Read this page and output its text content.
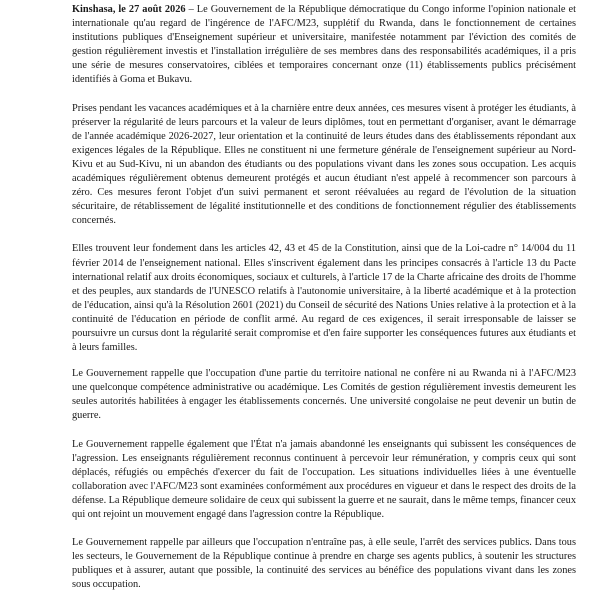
Kinshasa, le 27 août 2026 – Le Gouvernement de la République démocratique du Congo informe l'opinion nationale et internationale qu'au regard de l'ingérence de l'AFC/M23, supplétif du Rwanda, dans le fonctionnement de certaines institutions publiques d'Enseignement supérieur et universitaire, manifestée notamment par l'éviction des comités de gestion régulièrement investis et l'installation irrégulière de ses membres dans des responsabilités académiques, il a pris une série de mesures conservatoires, ciblées et temporaires concernant onze (11) établissements publics précisément identifiés à Goma et Bukavu.

Prises pendant les vacances académiques et à la charnière entre deux années, ces mesures visent à protéger les étudiants, à préserver la régularité de leurs parcours et la valeur de leurs diplômes, tout en permettant d'organiser, avant le démarrage de l'année académique 2026-2027, leur orientation et la continuité de leurs études dans des établissements répondant aux exigences légales de la République. Elles ne constituent ni une fermeture générale de l'enseignement supérieur au Nord-Kivu et au Sud-Kivu, ni un abandon des étudiants ou des populations vivant dans les zones sous occupation. Les acquis académiques régulièrement obtenus demeurent protégés et aucun étudiant n'est appelé à recommencer son parcours à zéro. Ces mesures feront l'objet d'un suivi permanent et seront réévaluées au regard de l'évolution de la situation sécuritaire, de rétablissement de légalité institutionnelle et des conditions de fonctionnement régulier des établissements concernés.

Elles trouvent leur fondement dans les articles 42, 43 et 45 de la Constitution, ainsi que de la Loi-cadre n° 14/004 du 11 février 2014 de l'enseignement national. Elles s'inscrivent également dans les principes consacrés à l'article 13 du Pacte international relatif aux droits économiques, sociaux et culturels, à l'article 17 de la Charte africaine des droits de l'homme et des peuples, aux standards de l'UNESCO relatifs à l'autonomie universitaire, à la liberté académique et à la protection de l'éducation, ainsi qu'à la Résolution 2601 (2021) du Conseil de sécurité des Nations Unies relative à la protection et à la continuité de l'éducation en période de conflit armé. Au regard de ces exigences, il serait irresponsable de laisser se poursuivre un cursus dont la régularité serait compromise et d'en faire supporter les conséquences futures aux étudiants et à leurs familles.

Le Gouvernement rappelle que l'occupation d'une partie du territoire national ne confère ni au Rwanda ni à l'AFC/M23 une quelconque compétence administrative ou académique. Les Comités de gestion régulièrement investis demeurent les seules autorités habilitées à engager les établissements concernés. Une université congolaise ne peut devenir un butin de guerre.

Le Gouvernement rappelle également que l'État n'a jamais abandonné les enseignants qui subissent les conséquences de l'agression. Les enseignants régulièrement reconnus continuent à percevoir leur rémunération, y compris ceux qui sont déplacés, réfugiés ou empêchés d'exercer du fait de l'occupation. Les situations individuelles liées à une éventuelle collaboration avec l'AFC/M23 sont examinées conformément aux procédures en vigueur et dans le respect des droits de la défense. La République demeure solidaire de ceux qui subissent la guerre et ne saurait, dans le même temps, financer ceux qui ont rejoint un mouvement engagé dans l'agression contre la République.

Le Gouvernement rappelle par ailleurs que l'occupation n'entraîne pas, à elle seule, l'arrêt des services publics. Dans tous les secteurs, le Gouvernement de la République continue à prendre en charge ses agents publics, à soutenir les structures publiques et à assurer, autant que possible, la continuité des services au bénéfice des populations vivant dans les zones sous occupation.
